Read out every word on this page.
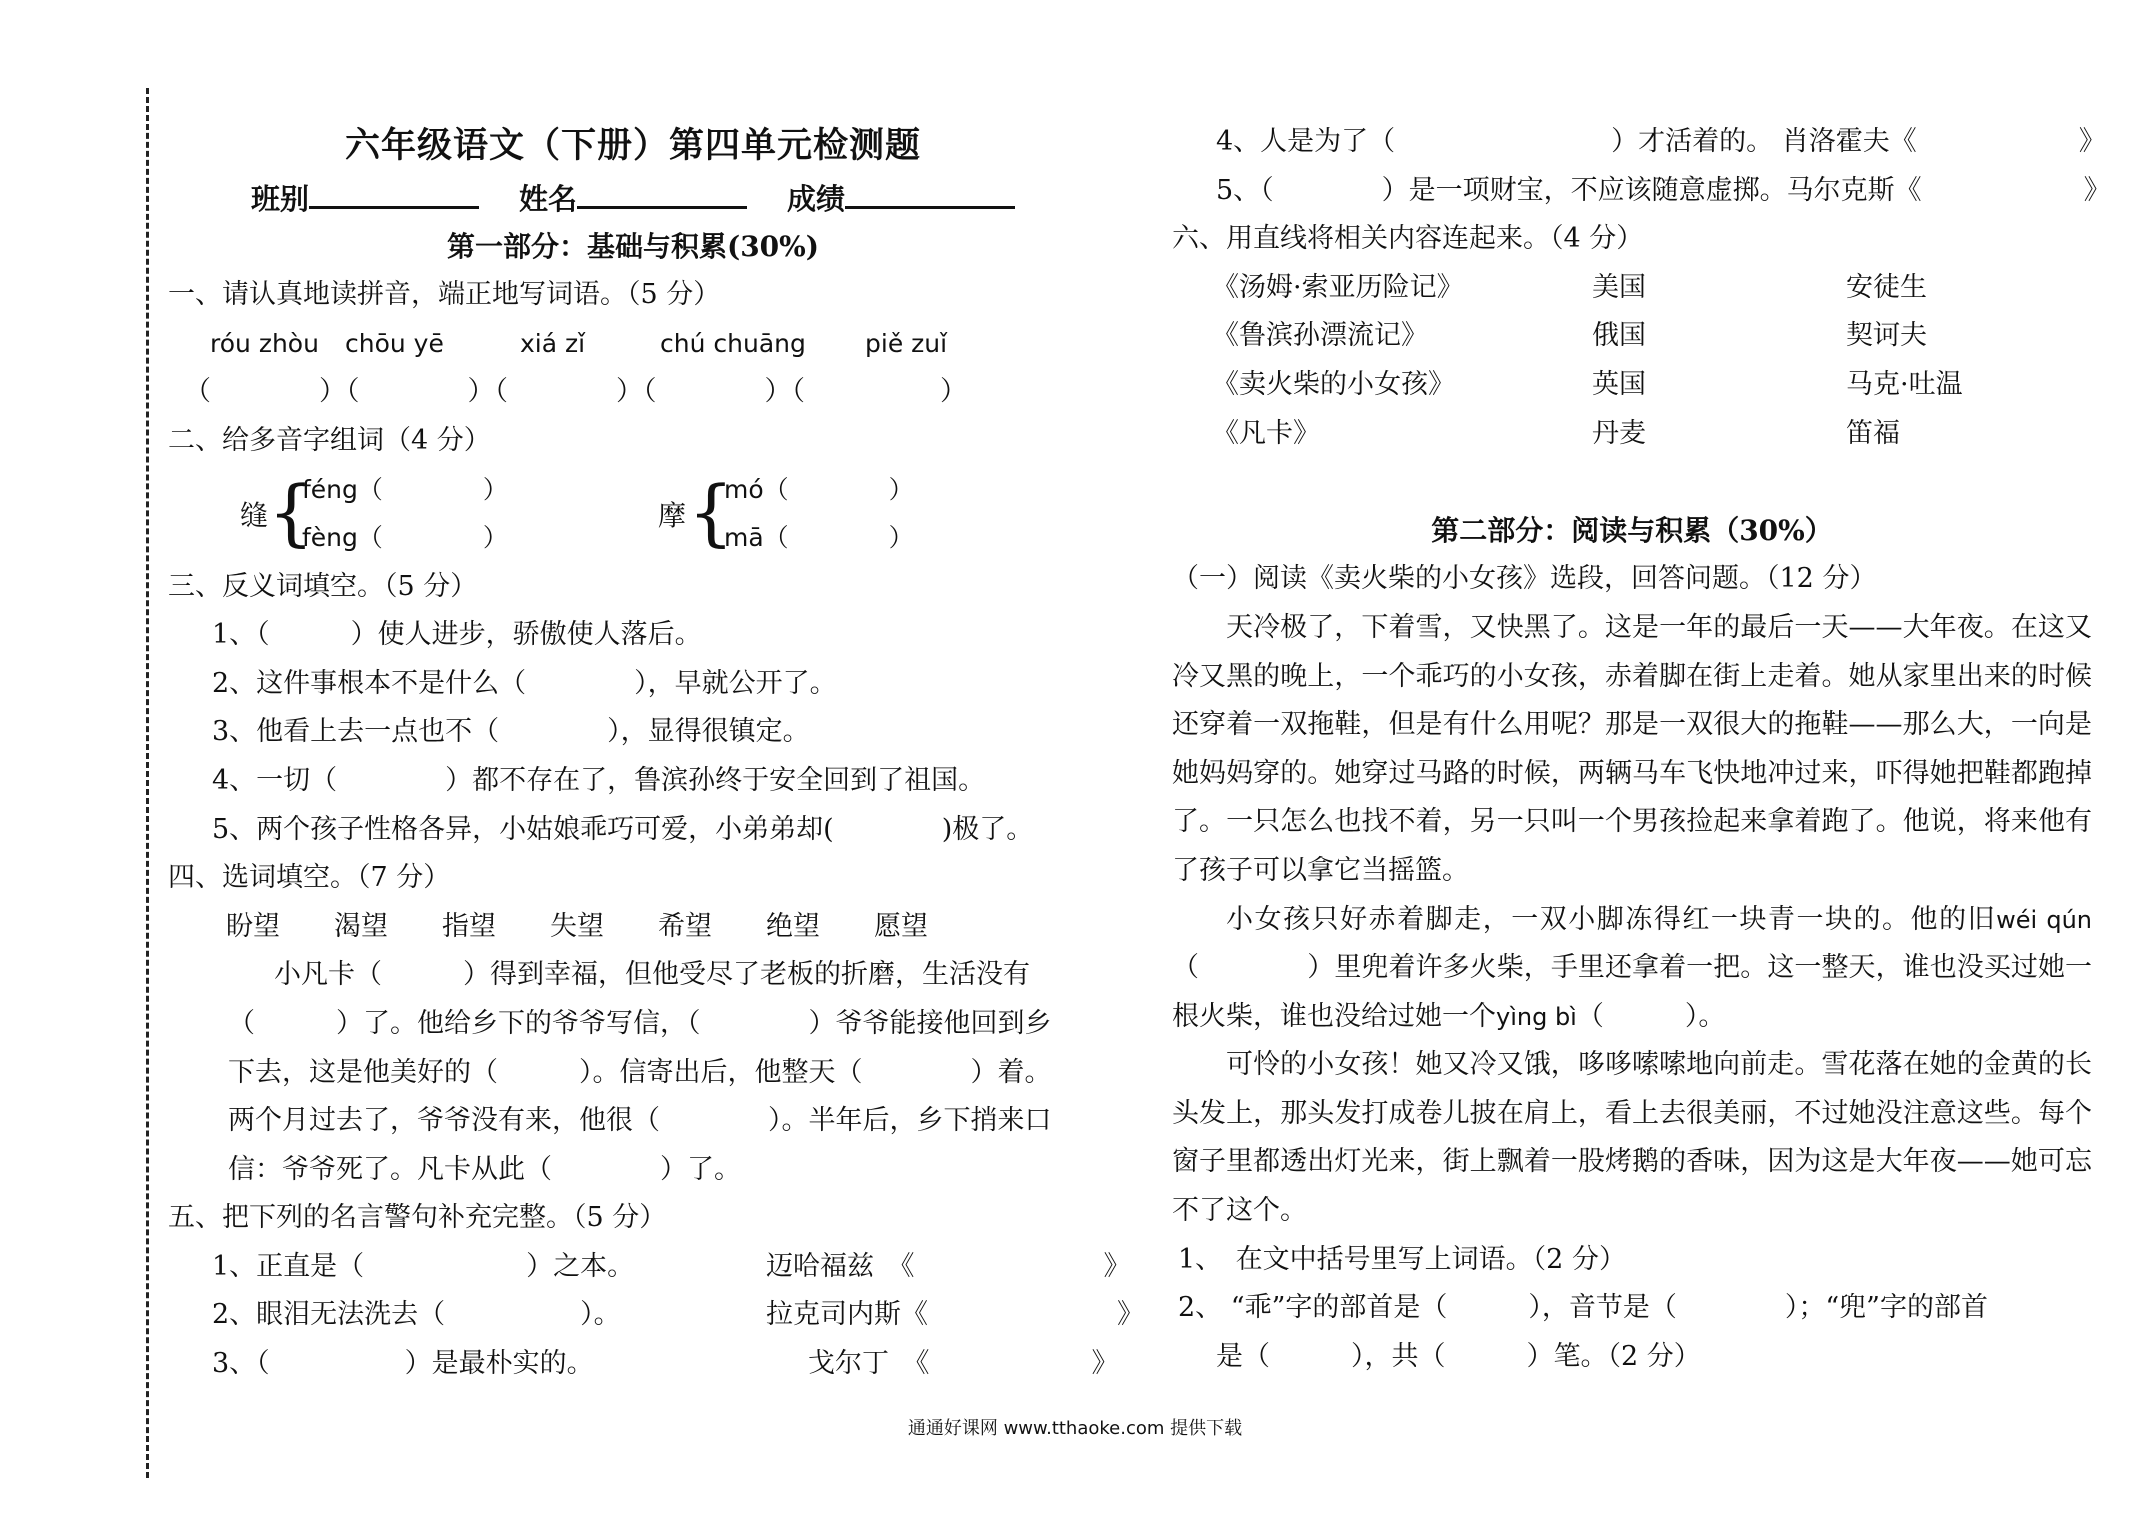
六年级语文（下册）第四单元检测题
班别	姓名	成绩
第一部分：基础与积累(30%)
一、请认真地读拼音，端正地写词语。（5 分）
róu zhòu	chōu yē	xiá zǐ	chú chuāng	piě zuǐ
（　　　　）（　　　　）（　　　　）（　　　　）（　　　　　）
二、给多音字组词（4 分）
缝 {
féng（　　　　）
fèng（　　　　）
摩 {
mó（　　　　）
mā（　　　　）
三、反义词填空。（5 分）
1、（　　　）使人进步，骄傲使人落后。
2、这件事根本不是什么（　　　　），早就公开了。
3、他看上去一点也不（　　　　），显得很镇定。
4、一切（　　　　）都不存在了，鲁滨孙终于安全回到了祖国。
5、两个孩子性格各异，小姑娘乖巧可爱，小弟弟却(　　　　)极了。
四、选词填空。（7 分）
盼望 渴望 指望 失望 希望 绝望 愿望
　　小凡卡（　　　）得到幸福，但他受尽了老板的折磨，生活没有
（　　　）了。他给乡下的爷爷写信，（　　　　）爷爷能接他回到乡
下去，这是他美好的（　　　）。信寄出后，他整天（　　　　）着。
两个月过去了，爷爷没有来，他很（　　　　）。半年后，乡下捎来口
信：爷爷死了。凡卡从此（　　　　）了。
五、把下列的名言警句补充完整。（5 分）
1、正直是（　　　　　　）之本。	迈哈福兹　《　　　　　　　》
2、眼泪无法洗去（　　　　　）。	拉克司内斯《　　　　　　　》
3、（　　　　　）是最朴实的。	戈尔丁　《　　　　　　》
4、人是为了（　　　　　　　　）才活着的。 肖洛霍夫《　　　　　　》
5、（　　　　）是一项财宝，不应该随意虚掷。马尔克斯《　　　　　　》
六、用直线将相关内容连起来。（4 分）
《汤姆·索亚历险记》	美国	安徒生
《鲁滨孙漂流记》	俄国	契诃夫
《卖火柴的小女孩》	英国	马克·吐温
《凡卡》	丹麦	笛福
第二部分：阅读与积累（30%）
（一）阅读《卖火柴的小女孩》选段，回答问题。（12 分）
天冷极了，下着雪，又快黑了。这是一年的最后一天——大年夜。在这又冷又黑的晚上，一个乖巧的小女孩，赤着脚在街上走着。她从家里出来的时候还穿着一双拖鞋，但是有什么用呢？那是一双很大的拖鞋——那么大，一向是她妈妈穿的。她穿过马路的时候，两辆马车飞快地冲过来，吓得她把鞋都跑掉了。一只怎么也找不着，另一只叫一个男孩捡起来拿着跑了。他说，将来他有了孩子可以拿它当摇篮。
小女孩只好赤着脚走，一双小脚冻得红一块青一块的。他的旧wéi qún（　　　　）里兜着许多火柴，手里还拿着一把。这一整天，谁也没买过她一根火柴，谁也没给过她一个yìng bì（　　　）。
可怜的小女孩！她又冷又饿，哆哆嗦嗦地向前走。雪花落在她的金黄的长头发上，那头发打成卷儿披在肩上，看上去很美丽，不过她没注意这些。每个窗子里都透出灯光来，街上飘着一股烤鹅的香味，因为这是大年夜——她可忘不了这个。
1、　在文中括号里写上词语。（2 分）
2、 “乖”字的部首是（　　　），音节是（　　　　）；“兜”字的部首
是（　　　），共（　　　）笔。（2 分）
通通好课网 www.tthaoke.com 提供下载
